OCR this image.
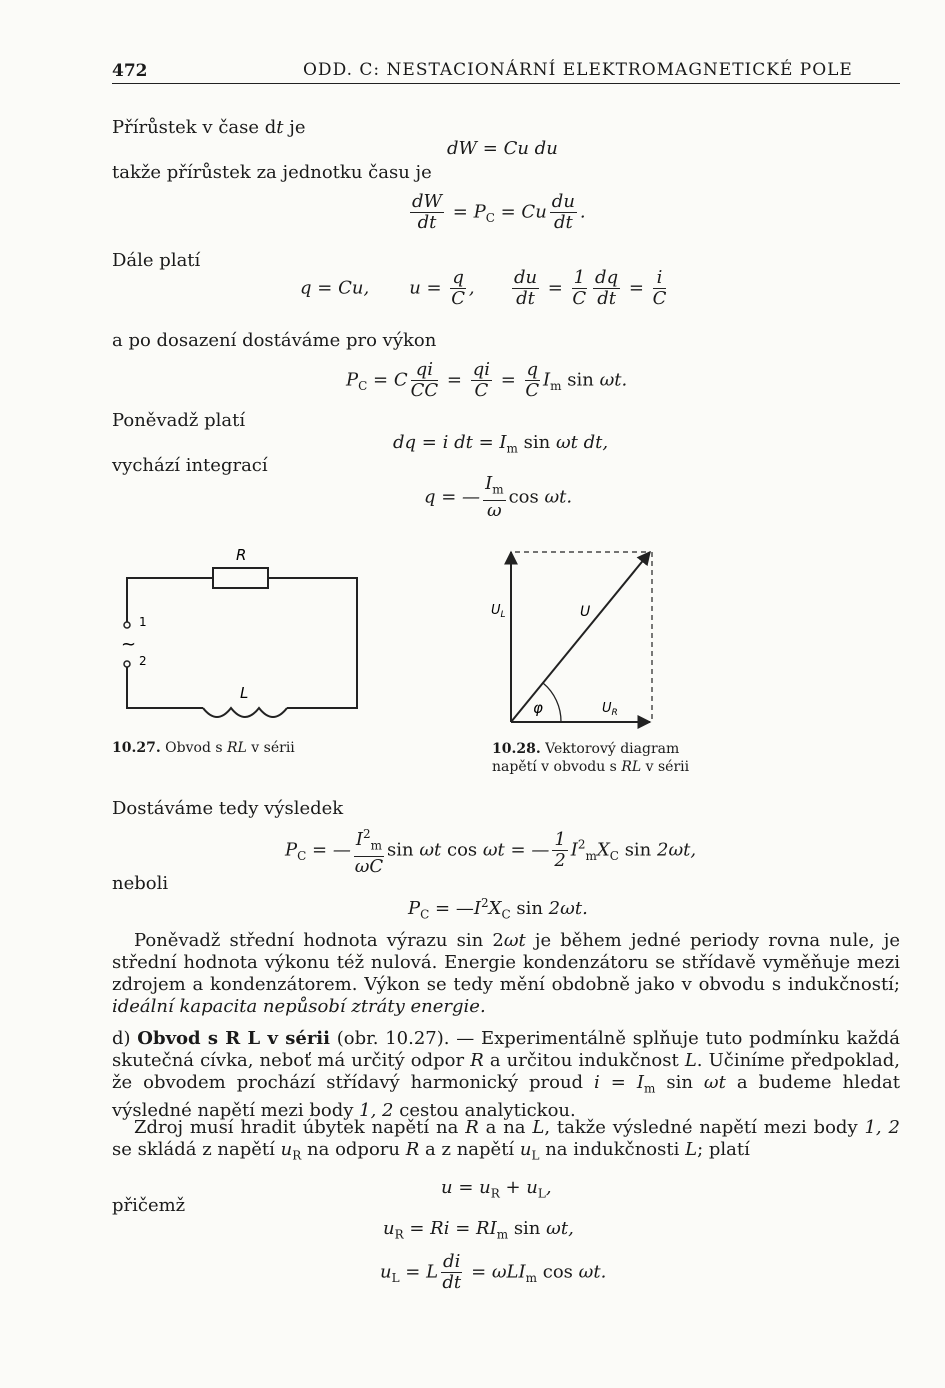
472	ODD. C: NESTACIONÁRNÍ ELEKTROMAGNETICKÉ POLE
Přírůstek v čase dt je
dW = Cu du
takže přírůstek za jednotku času je
$\frac{dW}{dt} = P_C = Cu \frac{du}{dt}$ .
Dále platí
q = Cu,       $u = \frac{q}{C}$ , $\frac{du}{dt} = \frac{1}{C} \frac{dq}{dt} = \frac{i}{C}$
a po dosazení dostáváme pro výkon
$P_C = C \frac{qi}{CC} = \frac{qi}{C} = \frac{q}{C} I_m$ sin ωt.
Poněvadž platí
dq = i dt = $I_m$ sin ωt dt,
vychází integrací
q = — $\frac{I_m}{\omega}$ cos ωt.
R
L
1
2
~
10.27. Obvod s RL v sérii
$U_L$	U
$U_R$
φ
10.28. Vektorový diagram
napětí v obvodu s RL v sérii
Dostáváme tedy výsledek
$P_C$ = — $\frac{I^2_m}{\omega C}$ sin ωt cos ωt = — $\frac{1}{2} I^2_mX_C$ sin 2ωt,
neboli
$P_C$ = $—I^2X_C$ sin 2ωt.

Poněvadž střední hodnota výrazu sin 2ωt je během jedné periody rovna nule, je střední hodnota výkonu též nulová. Energie kondenzátoru se střídavě vyměňuje mezi zdrojem a kondenzátorem. Výkon se tedy mění obdobně jako v obvodu s indukčností; ideální kapacita nepůsobí ztráty energie.

d) Obvod s R L v sérii (obr. 10.27). — Experimentálně splňuje tuto podmínku každá skutečná cívka, neboť má určitý odpor R a určitou indukčnost L. Učiníme předpoklad, že obvodem prochází střídavý harmonický proud $i = I_m$ sin ωt a budeme hledat výsledné napětí mezi body 1, 2 cestou analytickou.

Zdroj musí hradit úbytek napětí na R a na L, takže výsledné napětí mezi body 1, 2 se skládá z napětí $u_R$ na odporu R a z napětí $u_L$ na indukčnosti L; platí

$u = u_R + u_L$,
přičemž
$u_R = Ri = RI_m$ sin ωt,
$u_L = L \frac{di}{dt} = \omega LI_m$ cos ωt.
